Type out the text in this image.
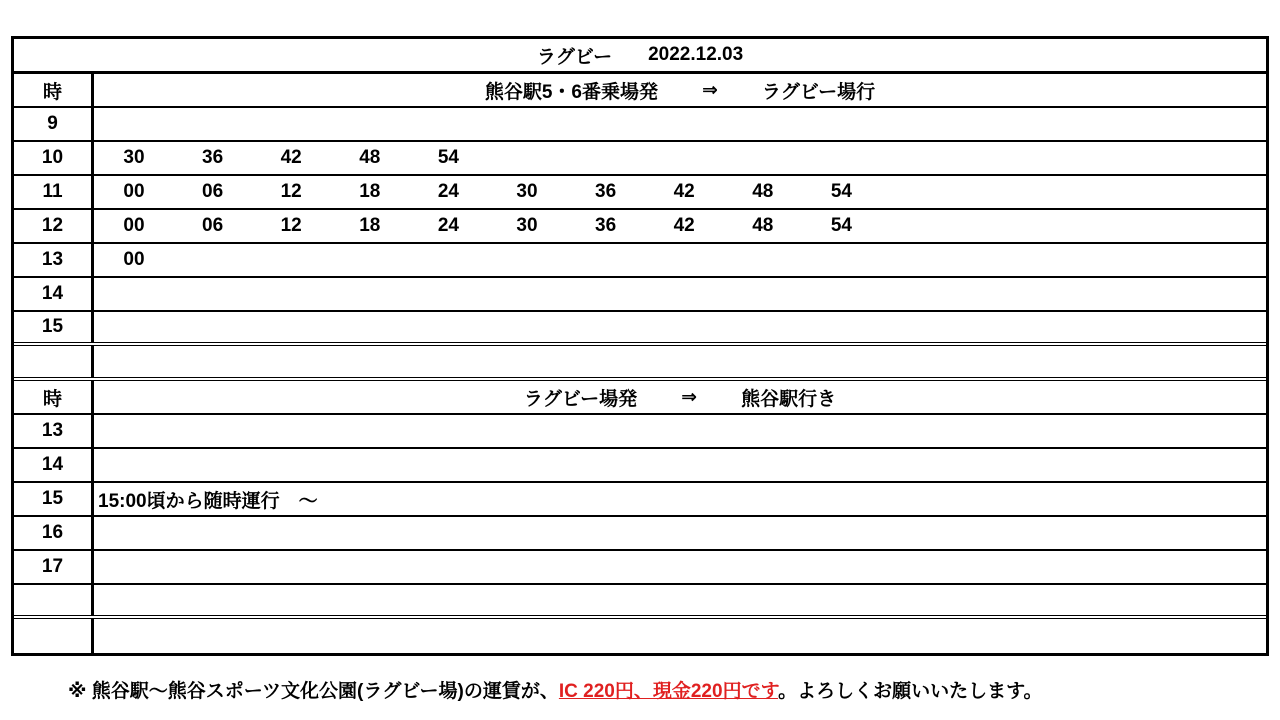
ラグビー 2022.12.03
時	熊谷駅5・6番乗場発 ⇒ ラグビー場行
9
10	30	36	42	48	54
11	00	06	12	18	24	30	36	42	48	54
12	00	06	12	18	24	30	36	42	48	54
13	00
14
15
時	ラグビー場発 ⇒ 熊谷駅行き
13
14
15	15:00頃から随時運行　～
16
17
※ 熊谷駅～熊谷スポーツ文化公園(ラグビー場)の運賃が、IC 220円、現金220円です。よろしくお願いいたします。
